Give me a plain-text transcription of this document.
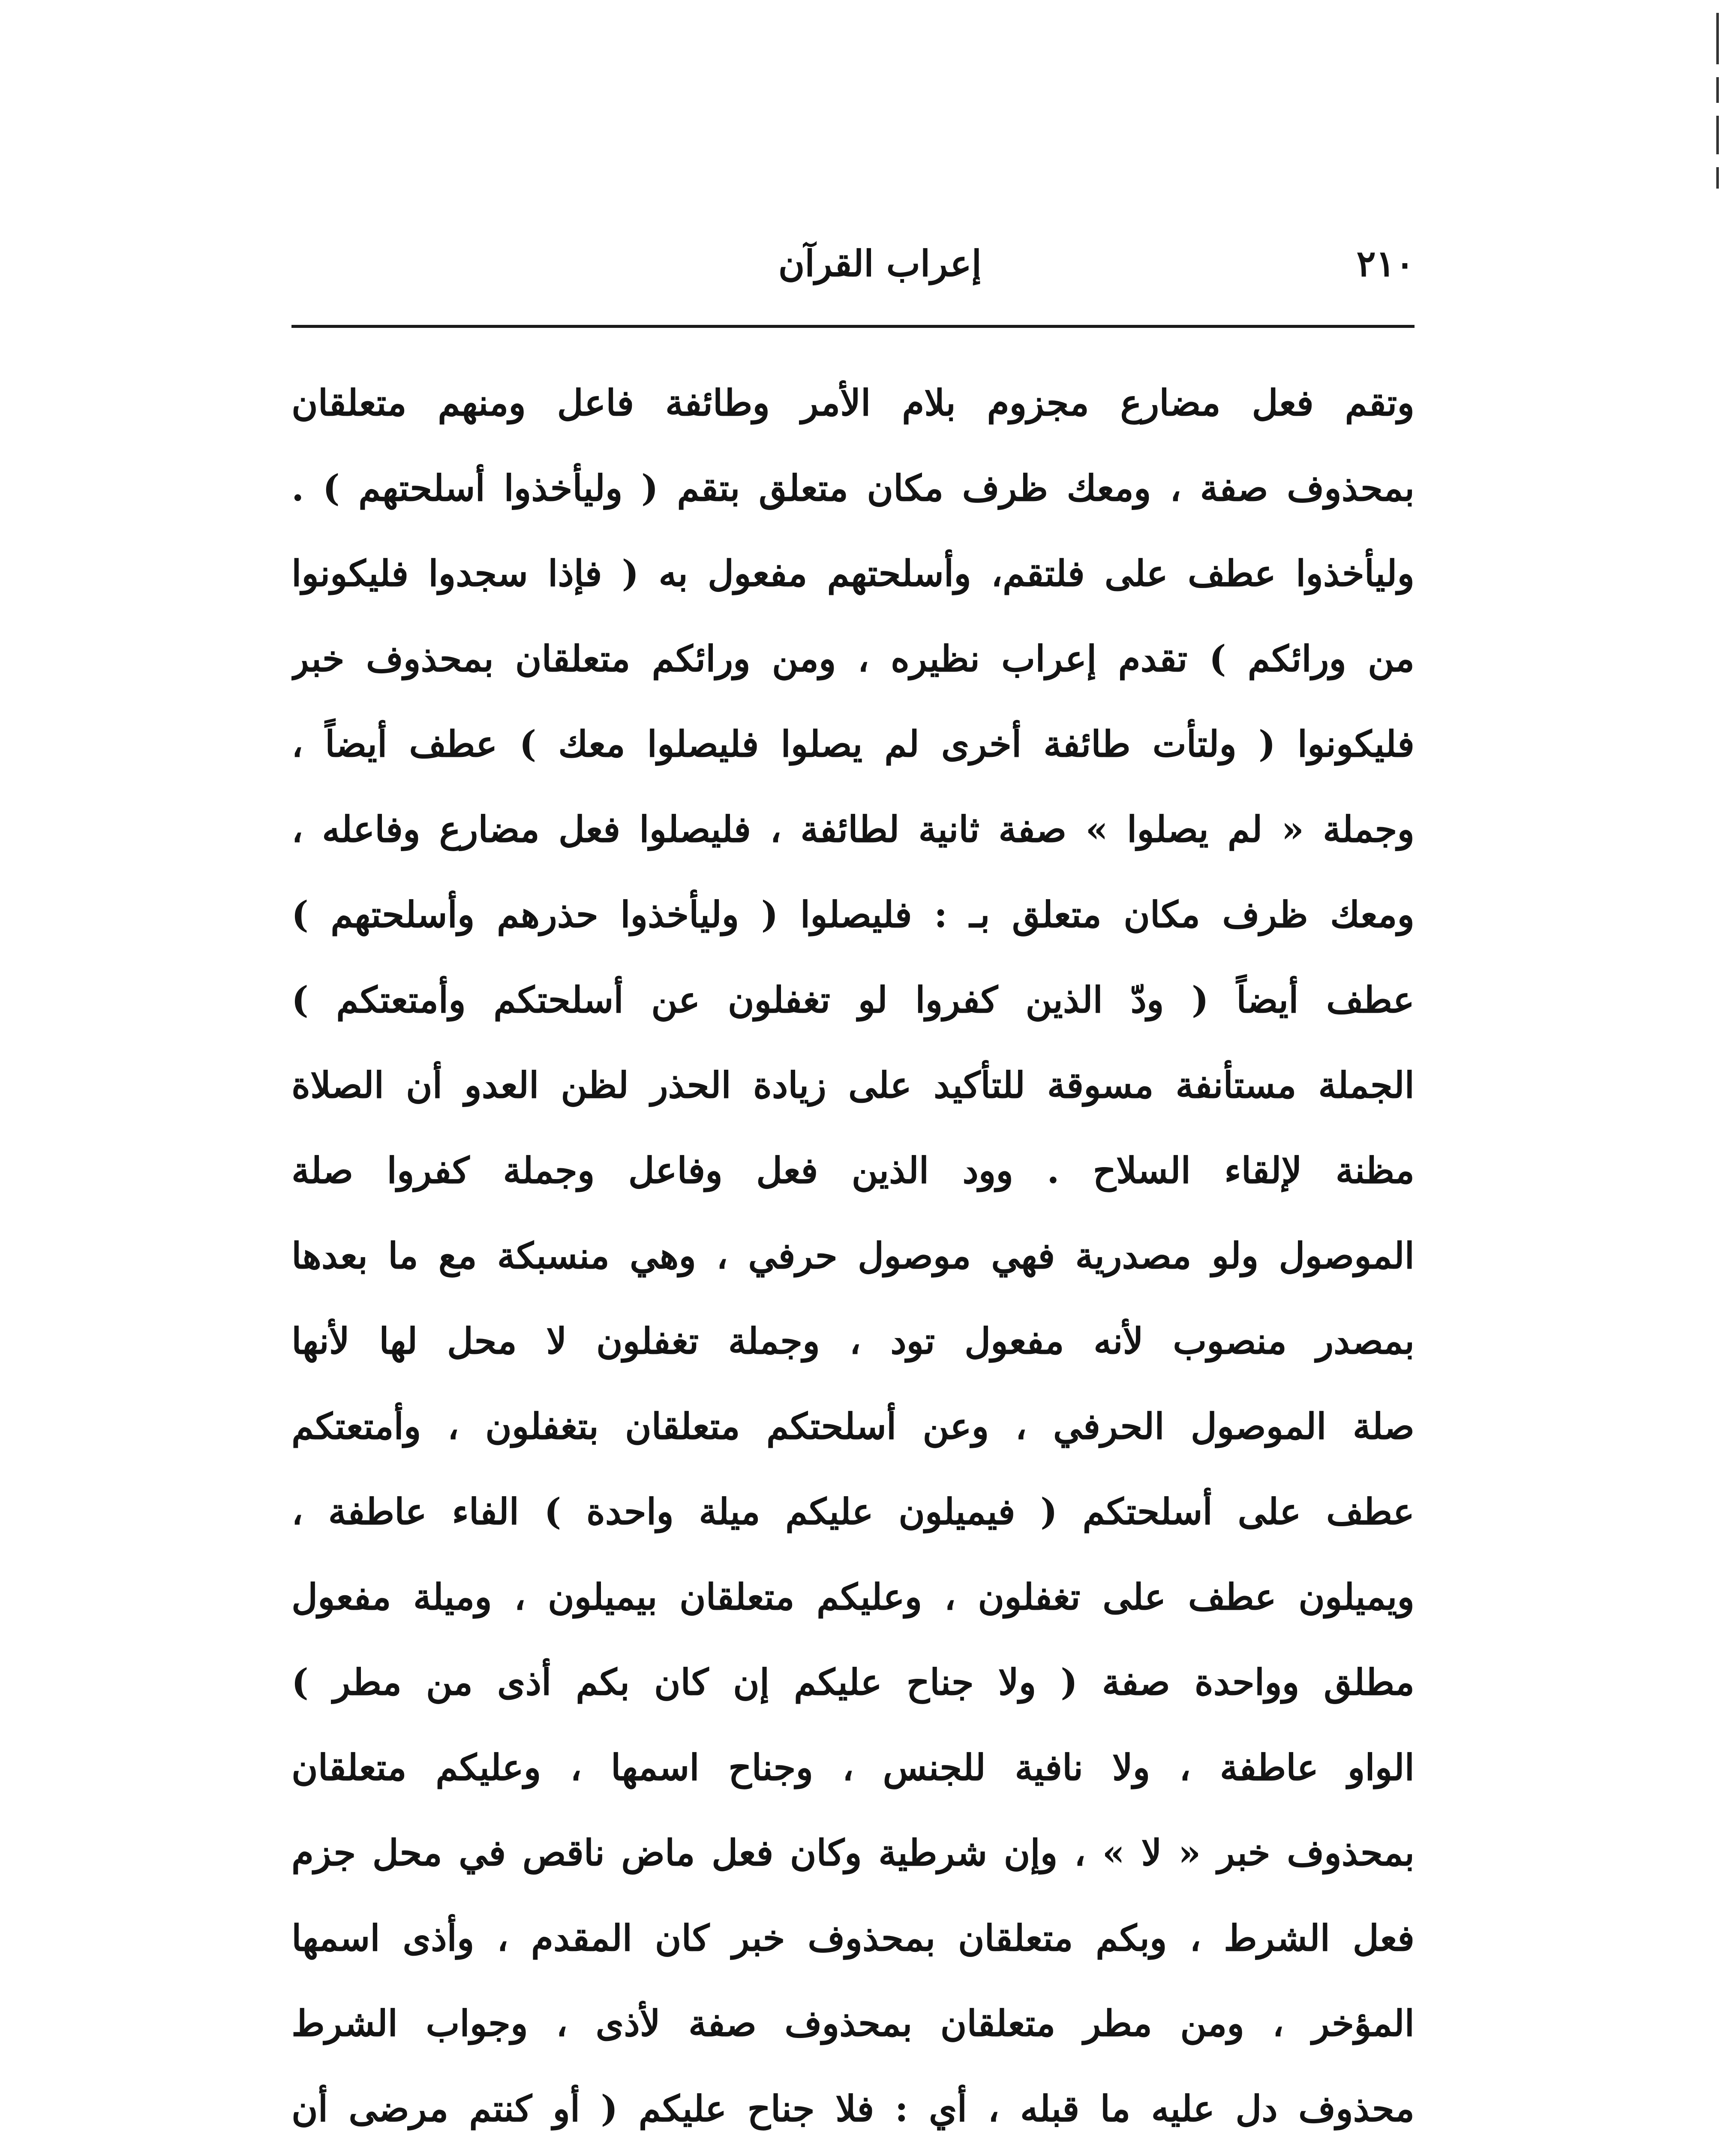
٢١٠
إعراب القرآن
وتقم فعل مضارع مجزوم بلام الأمر وطائفة فاعل ومنهم متعلقان
بمحذوف صفة ، ومعك ظرف مكان متعلق بتقم ( وليأخذوا أسلحتهم ) .
وليأخذوا عطف على فلتقم، وأسلحتهم مفعول به ( فإذا سجدوا فليكونوا
من ورائكم ) تقدم إعراب نظيره ، ومن ورائكم متعلقان بمحذوف خبر
فليكونوا ( ولتأت طائفة أخرى لم يصلوا فليصلوا معك ) عطف أيضاً ،
وجملة « لم يصلوا » صفة ثانية لطائفة ، فليصلوا فعل مضارع وفاعله ،
ومعك ظرف مكان متعلق بـ : فليصلوا ( وليأخذوا حذرهم وأسلحتهم )
عطف أيضاً ( ودّ الذين كفروا لو تغفلون عن أسلحتكم وأمتعتكم )
الجملة مستأنفة مسوقة للتأكيد على زيادة الحذر لظن العدو أن الصلاة
مظنة لإلقاء السلاح . وود الذين فعل وفاعل وجملة كفروا صلة
الموصول ولو مصدرية فهي موصول حرفي ، وهي منسبكة مع ما بعدها
بمصدر منصوب لأنه مفعول تود ، وجملة تغفلون لا محل لها لأنها
صلة الموصول الحرفي ، وعن أسلحتكم متعلقان بتغفلون ، وأمتعتكم
عطف على أسلحتكم ( فيميلون عليكم ميلة واحدة ) الفاء عاطفة ،
ويميلون عطف على تغفلون ، وعليكم متعلقان بيميلون ، وميلة مفعول
مطلق وواحدة صفة ( ولا جناح عليكم إن كان بكم أذى من مطر )
الواو عاطفة ، ولا نافية للجنس ، وجناح اسمها ، وعليكم متعلقان
بمحذوف خبر « لا » ، وإن شرطية وكان فعل ماض ناقص في محل جزم
فعل الشرط ، وبكم متعلقان بمحذوف خبر كان المقدم ، وأذى اسمها
المؤخر ، ومن مطر متعلقان بمحذوف صفة لأذى ، وجواب الشرط
محذوف دل عليه ما قبله ، أي : فلا جناح عليكم ( أو كنتم مرضى أن
